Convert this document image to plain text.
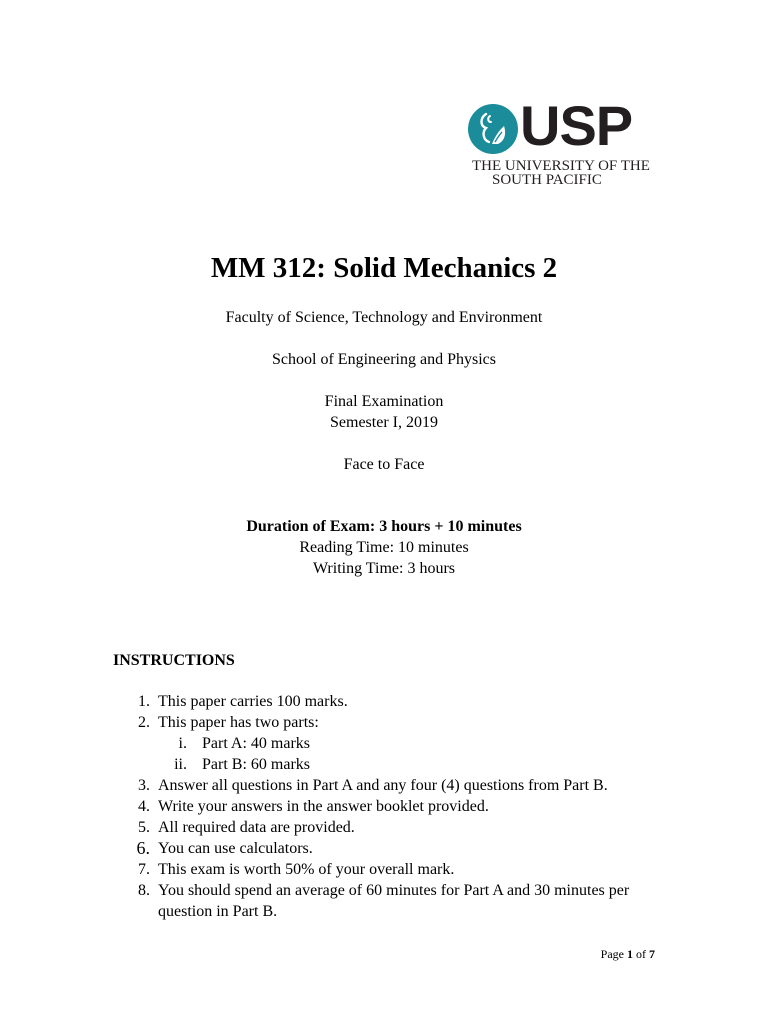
USP
THE UNIVERSITY OF THE
SOUTH PACIFIC
MM 312: Solid Mechanics 2
Faculty of Science, Technology and Environment
School of Engineering and Physics
Final Examination
Semester I, 2019
Face to Face
Duration of Exam: 3 hours + 10 minutes
Reading Time: 10 minutes
Writing Time: 3 hours
INSTRUCTIONS
1. This paper carries 100 marks.
2. This paper has two parts:
i. Part A: 40 marks
ii. Part B: 60 marks
3. Answer all questions in Part A and any four (4) questions from Part B.
4. Write your answers in the answer booklet provided.
5. All required data are provided.
6. You can use calculators.
7. This exam is worth 50% of your overall mark.
8. You should spend an average of 60 minutes for Part A and 30 minutes per question in Part B.
Page 1 of 7
